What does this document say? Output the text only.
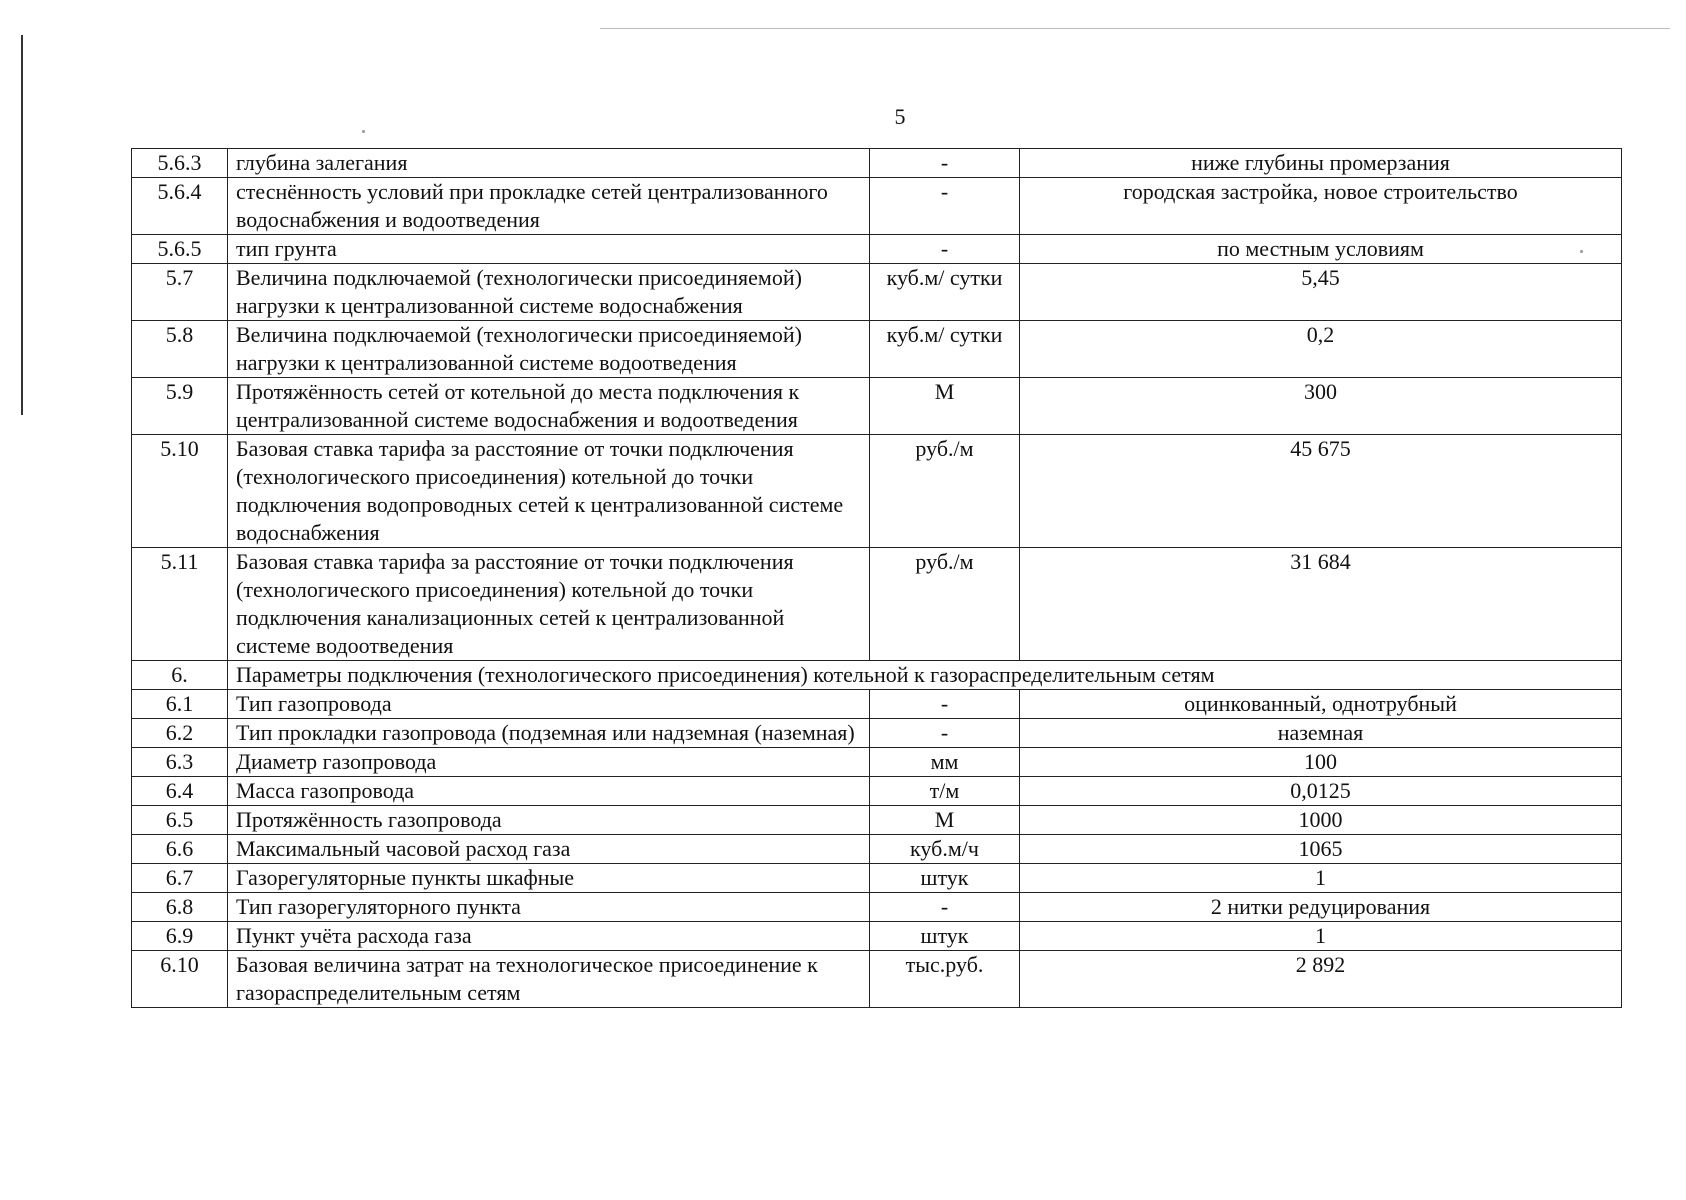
5
5.6.3	глубина залегания	-	ниже глубины промерзания
5.6.4	стеснённость условий при прокладке сетей централизованного водоснабжения и водоотведения	-	городская застройка, новое строительство
5.6.5	тип грунта	-	по местным условиям
5.7	Величина подключаемой (технологически присоединяемой) нагрузки к централизованной системе водоснабжения	куб.м/ сутки	5,45
5.8	Величина подключаемой (технологически присоединяемой) нагрузки к централизованной системе водоотведения	куб.м/ сутки	0,2
5.9	Протяжённость сетей от котельной до места подключения к централизованной системе водоснабжения и водоотведения	М	300
5.10	Базовая ставка тарифа за расстояние от точки подключения (технологического присоединения) котельной до точки подключения водопроводных сетей к централизованной системе водоснабжения	руб./м	45 675
5.11	Базовая ставка тарифа за расстояние от точки подключения (технологического присоединения) котельной до точки подключения канализационных сетей к централизованной системе водоотведения	руб./м	31 684
6.	Параметры подключения (технологического присоединения) котельной к газораспределительным сетям		
6.1	Тип газопровода	-	оцинкованный, однотрубный
6.2	Тип прокладки газопровода (подземная или надземная (наземная)	-	наземная
6.3	Диаметр газопровода	мм	100
6.4	Масса газопровода	т/м	0,0125
6.5	Протяжённость газопровода	М	1000
6.6	Максимальный часовой расход газа	куб.м/ч	1065
6.7	Газорегуляторные пункты шкафные	штук	1
6.8	Тип газорегуляторного пункта	-	2 нитки редуцирования
6.9	Пункт учёта расхода газа	штук	1
6.10	Базовая величина затрат на технологическое присоединение к газораспределительным сетям	тыс.руб.	2 892
